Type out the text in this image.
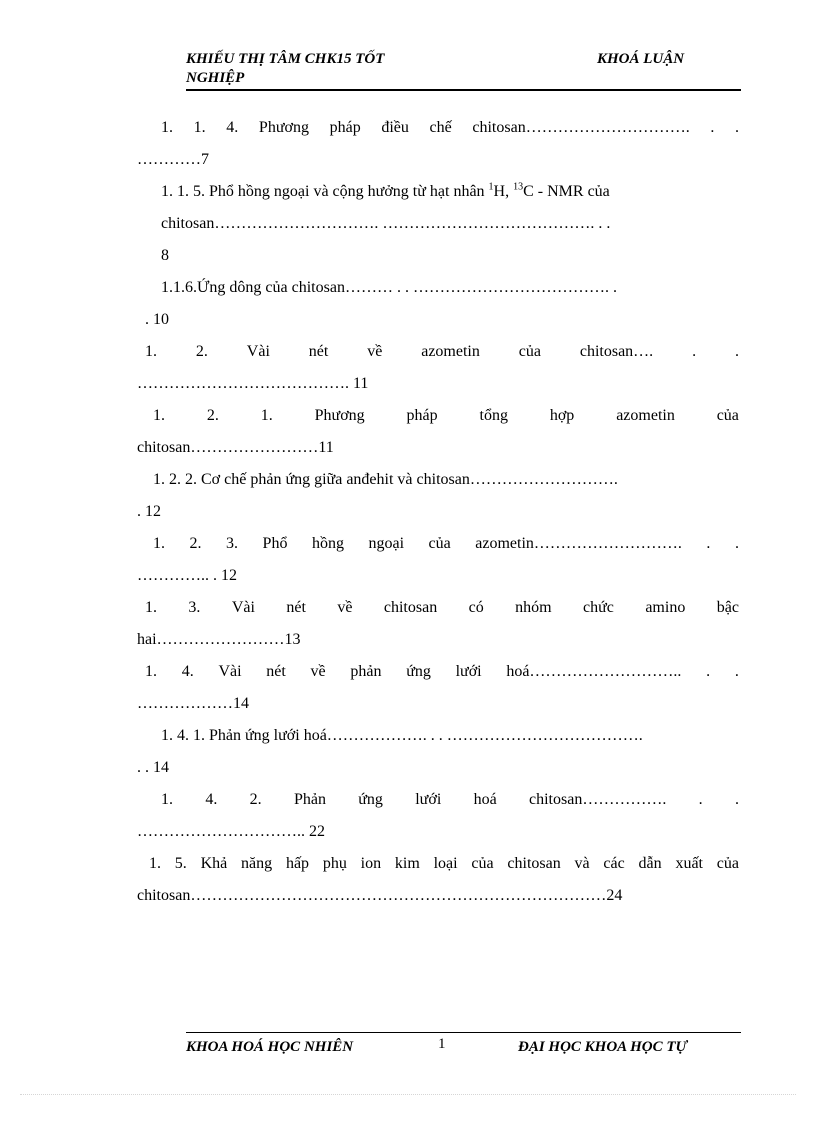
KHIẾU THỊ TÂM CHK15 TỐT NGHIỆP
KHOÁ LUẬN
1. 1. 4. Phương pháp điều chế chitosan…………………………. . .
…………7
1. 1. 5. Phổ hồng ngoại và cộng hưởng từ hạt nhân $^1$H, $^{13}$C - NMR của
chitosan…………………………. …………………………………. . .
8
1.1.6.Ứng dông của chitosan……… . . ………………………………. .
. 10
1. 2. Vài nét về azometin của chitosan…. . .
…………………………………. 11
1.	2.	1.	Phương	pháp	tổng	hợp	azometin	của
chitosan……………………11
1. 2. 2. Cơ chế phản ứng giữa anđehit và chitosan……………………….
. 12
1. 2. 3. Phổ hồng ngoại của azometin………………………. . .
………….. . 12
1. 3. Vài nét về chitosan có nhóm chức amino bậc
hai……………………13
1. 4. Vài nét về phản ứng lưới hoá……………………….. . .
………………14
1. 4. 1. Phản ứng lưới hoá………………. . . ……………………………….
. . 14
1. 4. 2. Phản ứng lưới hoá chitosan……………. . .
………………………….. 22
1. 5. Khả năng hấp phụ ion kim loại của chitosan và các dẫn xuất của
chitosan……………………………………………………………………24
KHOA HOÁ HỌC NHIÊN	1	ĐẠI HỌC KHOA HỌC TỰ
